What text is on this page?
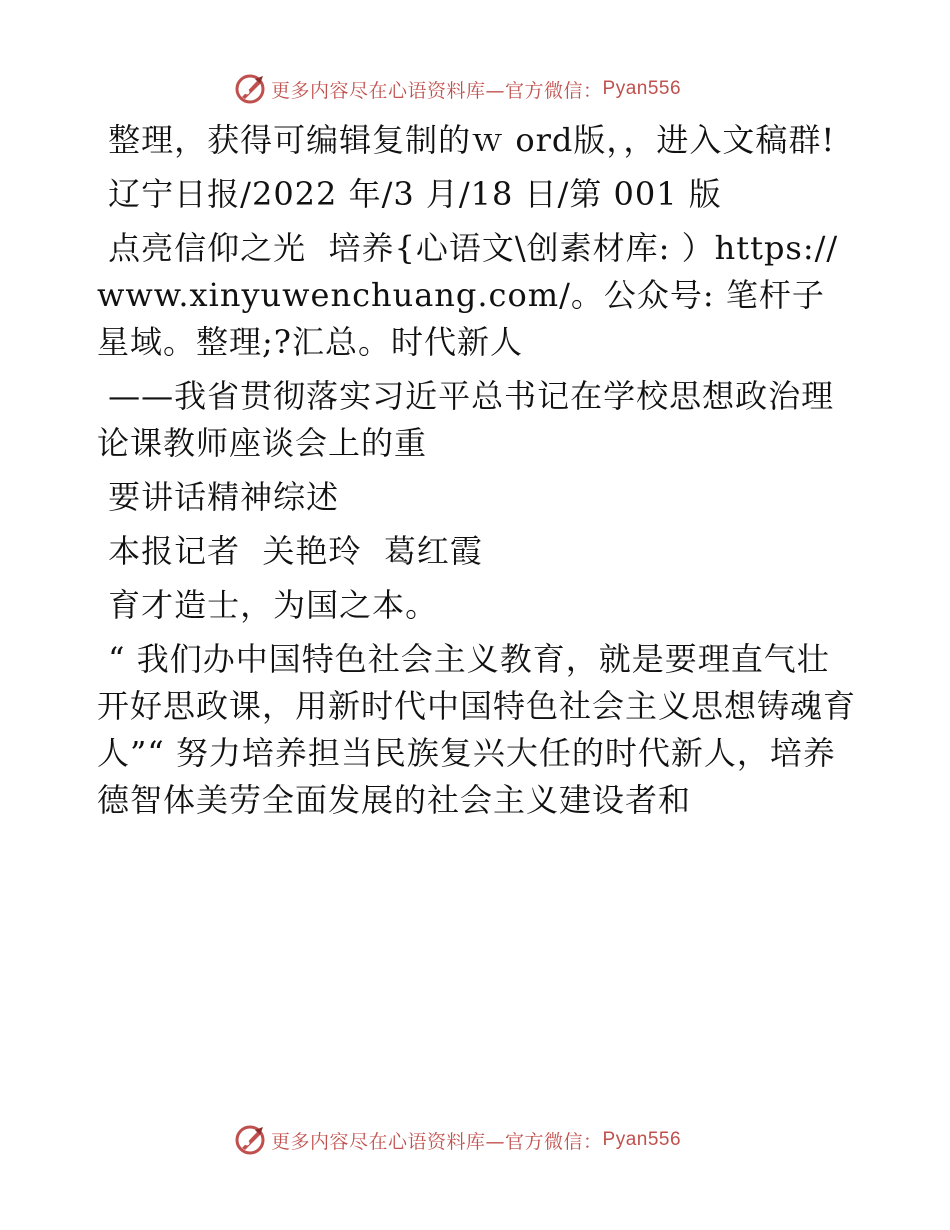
更多内容尽在心语资料库—官方微信： Pyan556

整理，获得可编辑复制的ｗ ord版，，进入文稿群!

辽宁日报/2022 年/3 月/18 日/第 001 版

点亮信仰之光  培养{心语文\创素材库: ）https://www.xinyuwenchuang.com/。公众号: 笔杆子星域。整理;?汇总。时代新人

——我省贯彻落实习近平总书记在学校思想政治理论课教师座谈会上的重

要讲话精神综述

本报记者  关艳玲  葛红霞

育才造士，为国之本。

“ 我们办中国特色社会主义教育，就是要理直气壮开好思政课，用新时代中国特色社会主义思想铸魂育人”“ 努力培养担当民族复兴大任的时代新人，培养德智体美劳全面发展的社会主义建设者和

更多内容尽在心语资料库—官方微信： Pyan556
